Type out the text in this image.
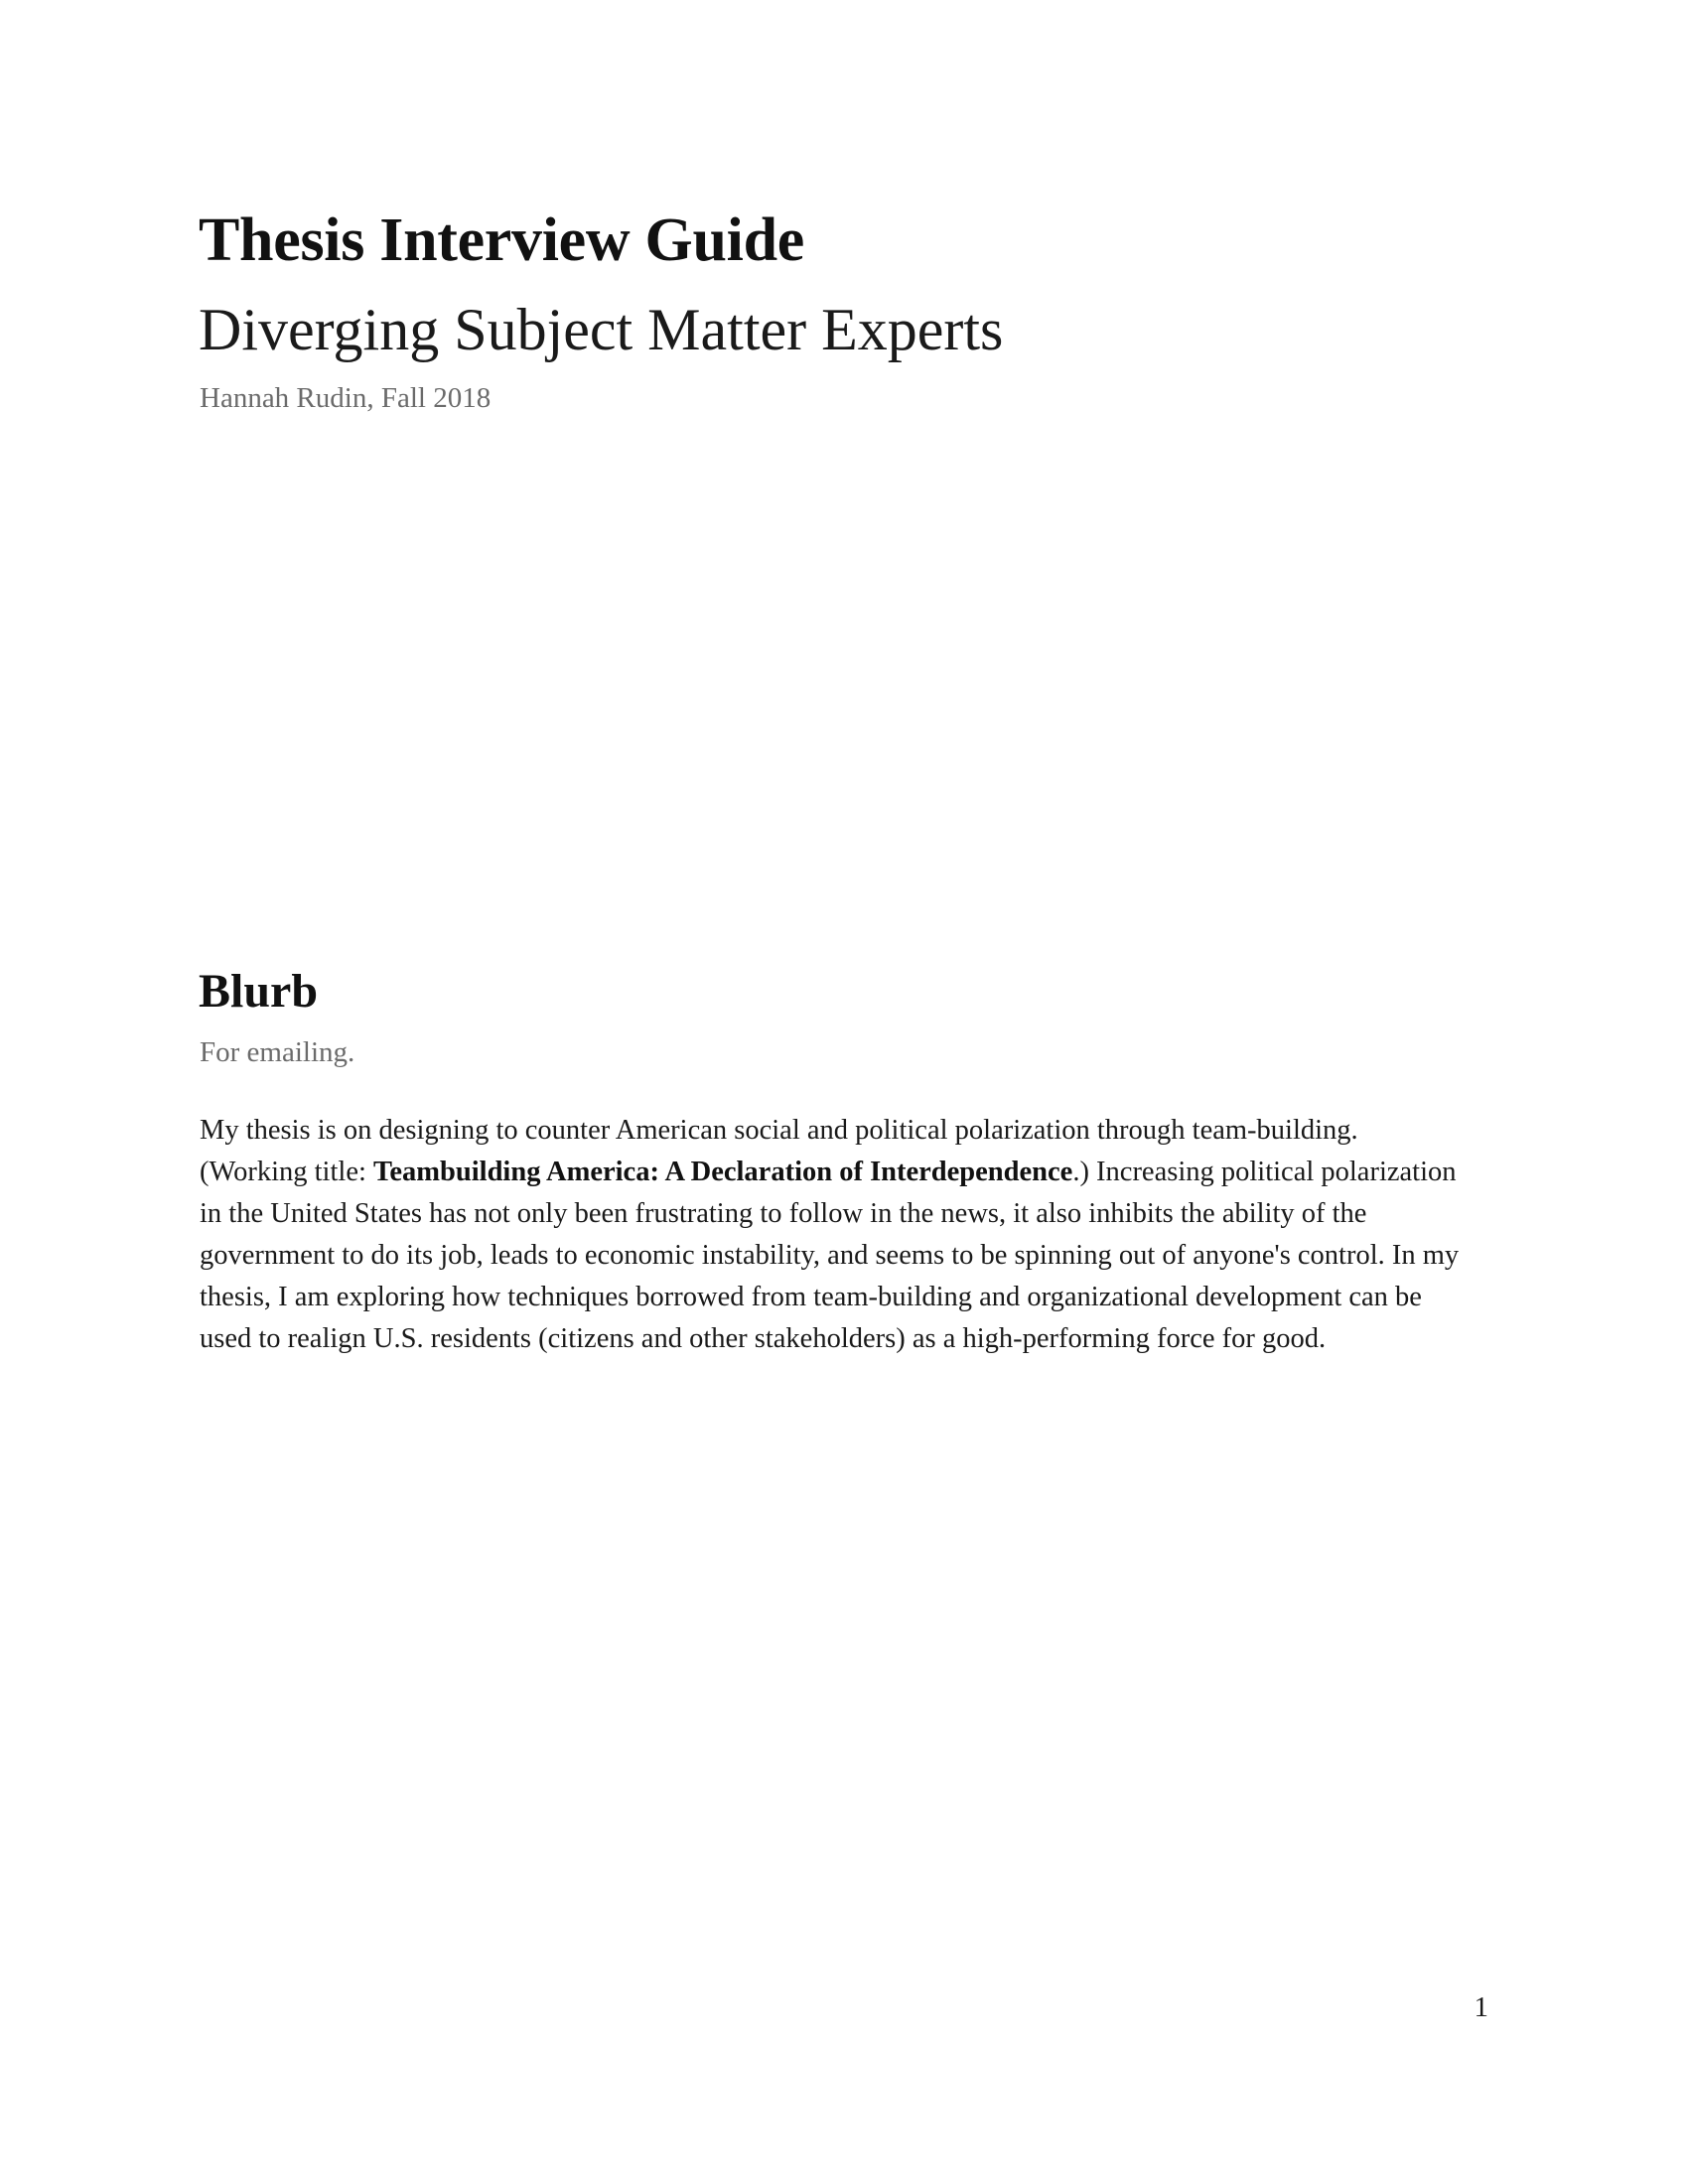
Thesis Interview Guide
Diverging Subject Matter Experts

Hannah Rudin, Fall 2018

Blurb

For emailing.

My thesis is on designing to counter American social and political polarization through team-building.
(Working title: Teambuilding America: A Declaration of Interdependence.) Increasing political polarization
in the United States has not only been frustrating to follow in the news, it also inhibits the ability of the
government to do its job, leads to economic instability, and seems to be spinning out of anyone's control. In my
thesis, I am exploring how techniques borrowed from team-building and organizational development can be
used to realign U.S. residents (citizens and other stakeholders) as a high-performing force for good.

1
